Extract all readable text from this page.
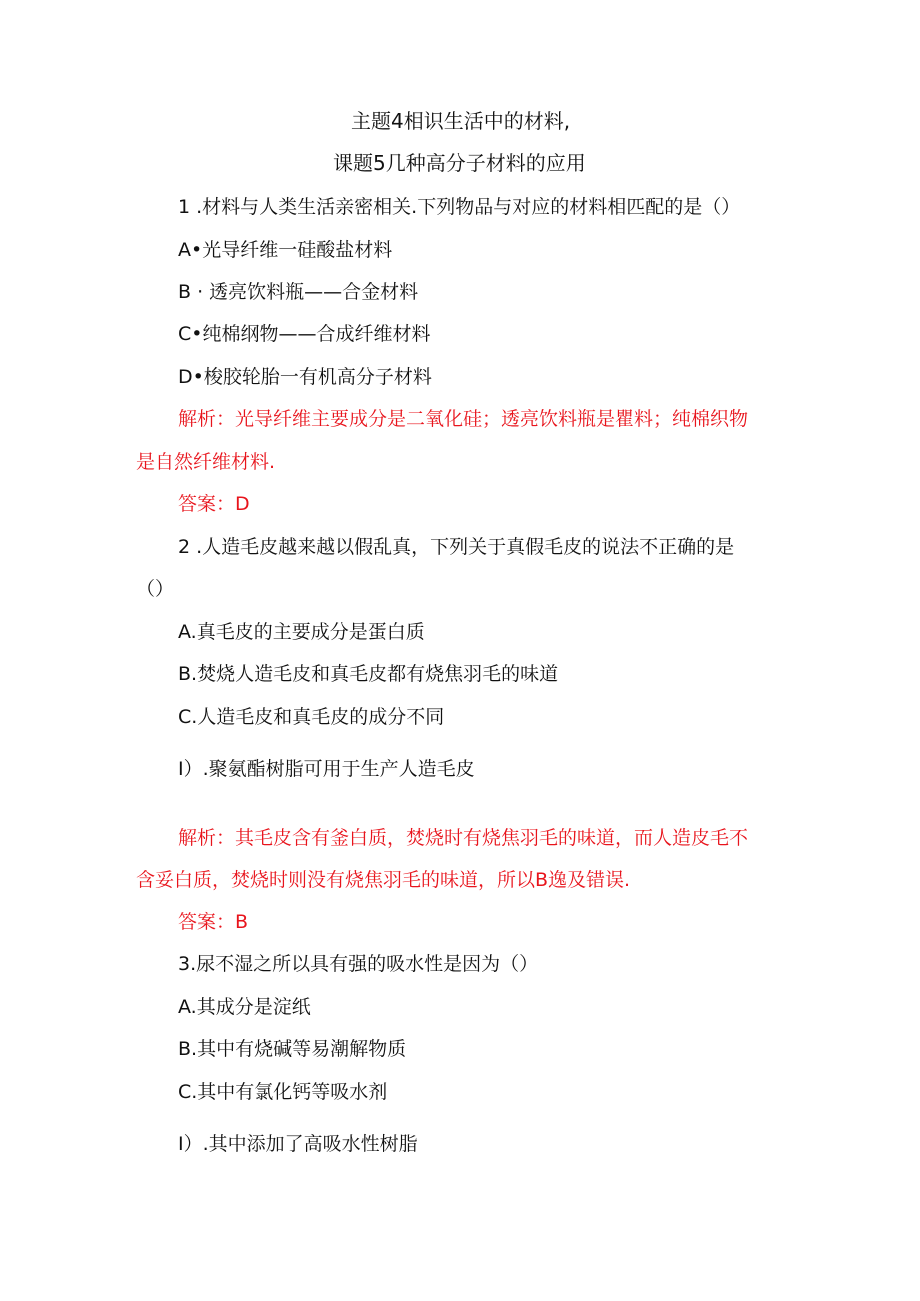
主题4相识生活中的材料,
课题5几种高分子材料的应用
1 .材料与人类生活亲密相关.下列物品与对应的材料相匹配的是（）
A•光导纤维一硅酸盐材料
B · 透亮饮料瓶——合金材料
C•纯棉纲物——合成纤维材料
D•梭胶轮胎一有机高分子材料
解析：光导纤维主要成分是二氧化硅；透亮饮料瓶是瞿料；纯棉织物
是自然纤维材料.
答案：D
2 .人造毛皮越来越以假乱真，下列关于真假毛皮的说法不正确的是
（）
A.真毛皮的主要成分是蛋白质
B.焚烧人造毛皮和真毛皮都有烧焦羽毛的味道
C.人造毛皮和真毛皮的成分不同
I）.聚氨酯树脂可用于生产人造毛皮
解析：其毛皮含有釜白质，焚烧时有烧焦羽毛的味道，而人造皮毛不
含妥白质，焚烧时则没有烧焦羽毛的味道，所以B逸及错误.
答案：B
3.尿不湿之所以具有强的吸水性是因为（）
A.其成分是淀纸
B.其中有烧碱等易潮解物质
C.其中有氯化钙等吸水剂
I）.其中添加了高吸水性树脂
